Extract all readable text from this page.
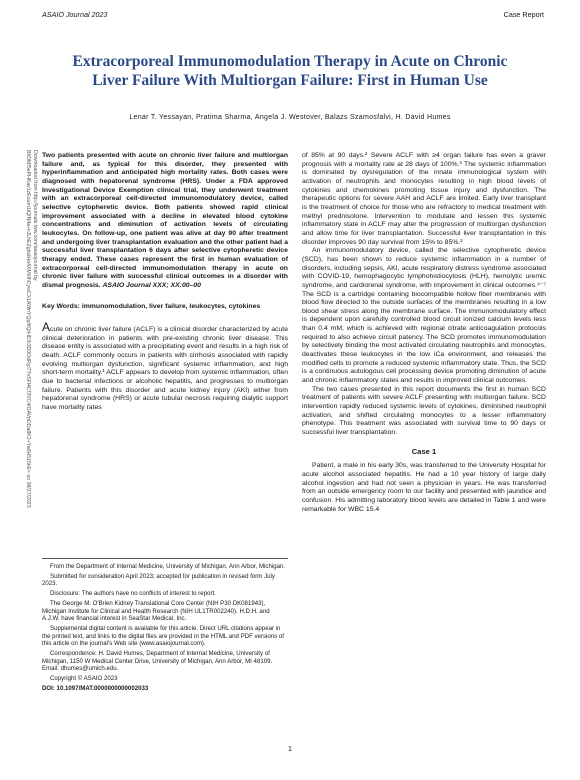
ASAIO Journal 2023	Case Report
Extracorporeal Immunomodulation Therapy in Acute on Chronic Liver Failure With Multiorgan Failure: First in Human Use
Lenar T. Yessayan, Pratima Sharma, Angela J. Westover, Balazs Szamosfalvi, H. David Humes
Downloaded from http://journals.lww.com/asaiojournal by BhDMf5ePHKav1zEoum1tQfN4a+kJLhEZgbsIHo4XMi0hCywCX1AWnYQp/IlQrHD3i3D0OdRyi7TvSFl4Cf3VC4/OAVpDDa8K2+Ya6H515kE= on 08/27/2023	Two patients presented with acute on chronic liver failure and multiorgan failure and, as typical for this disorder, they presented with hyperinflammation and anticipated high mortality rates. Both cases were diagnosed with hepatorenal syndrome (HRS). Under a FDA approved Investigational Device Exemption clinical trial, they underwent treatment with an extracorporeal cell-directed immunomodulatory device, called selective cytopheretic device. Both patients showed rapid clinical improvement associated with a decline in elevated blood cytokine concentrations and diminution of activation levels of circulating leukocytes. On follow-up, one patient was alive at day 90 after treatment and undergoing liver transplantation evaluation and the other patient had a successful liver transplantation 6 days after selective cytopheretic device therapy ended. These cases represent the first in human evaluation of extracorporeal cell-directed immunomodulation therapy in acute on chronic liver failure with successful clinical outcomes in a disorder with dismal prognosis. ASAIO Journal XXX; XX:00–00
Key Words: immunomodulation, liver failure, leukocytes, cytokines

Acute on chronic liver failure (ACLF) is a clinical disorder characterized by acute clinical deterioration in patients with pre-existing chronic liver disease. This disease entity is associated with a precipitating event and results in a high risk of death. ACLF commonly occurs in patients with cirrhosis associated with rapidly evolving multiorgan dysfunction, significant systemic inflammation, and high short-term mortality.¹ ACLF appears to develop from systemic inflammation, often due to bacterial infections or alcoholic hepatitis, and progresses to multiorgan failure. Patients with this disorder and acute kidney injury (AKI) either from hepatorenal syndrome (HRS) or acute tubular necrosis requiring dialytic support have mortality rates

From the Department of Internal Medicine, University of Michigan, Ann Arbor, Michigan.

Submitted for consideration April 2023; accepted for publication in revised form July 2023.

Disclosure: The authors have no conflicts of interest to report.

The George M. O'Brien Kidney Translational Core Center (NIH P30 DK081943), Michigan Institute for Clinical and Health Research (NIH UL1TR002240). H.D.H. and A.J.W. have financial interest in SeaStar Medical, Inc.

Supplemental digital content is available for this article. Direct URL citations appear in the printed text, and links to the digital files are provided in the HTML and PDF versions of this article on the journal's Web site (www.asaiojournal.com).

Correspondence: H. David Humes, Department of Internal Medicine, University of Michigan, 1150 W Medical Center Drive, University of Michigan, Ann Arbor, MI 48109. Email: dhumes@umich.edu.

Copyright © ASAIO 2023

DOI: 10.1097/MAT.0000000000002033

of 85% at 90 days.² Severe ACLF with ≥4 organ failure has even a graver prognosis with a mortality rate at 28 days of 100%.³ The systemic inflammation is dominated by dysregulation of the innate immunological system with activation of neutrophils and monocytes resulting in high blood levels of cytokines and chemokines promoting tissue injury and dysfunction. The therapeutic options for severe AAH and ACLF are limited. Early liver transplant is the treatment of choice for those who are refractory to medical treatment with methyl prednisolone. Intervention to modulate and lessen this systemic inflammatory state in ACLF may alter the progression of multiorgan dysfunction and allow time for liver transplantation. Successful liver transplantation in this disorder improves 90 day survival from 15% to 85%.²

An immunomodulatory device, called the selective cytopheretic device (SCD), has been shown to reduce systemic inflammation in a number of disorders, including sepsis, AKI, acute respiratory distress syndrome associated with COVID-19, hemophagocytic lymphohistiocytosis (HLH), hemolytic uremic syndrome, and cardiorenal syndrome, with improvement in clinical outcomes.⁴⁻⁷ The SCD is a cartridge containing biocompatible hollow fiber membranes with blood flow directed to the outside surfaces of the membranes resulting in a low blood shear stress along the membrane surface. The immunomodulatory effect is dependent upon carefully controlled blood circuit ionized calcium levels less than 0.4 mM, which is achieved with regional citrate anticoagulation protocols required to also achieve circuit patency. The SCD promotes immunomodulation by selectively binding the most activated circulating neutrophils and monocytes, deactivates these leukocytes in the low iCa environment, and releases the modified cells to promote a reduced systemic inflammatory state. Thus, the SCD is a continuous autologous cell processing device promoting diminution of acute and chronic inflammatory states and results in improved clinical outcomes.

The two cases presented in this report documents the first in human SCD treatment of patients with severe ACLF presenting with multiorgan failure. SCD intervention rapidly reduced systemic levels of cytokines, diminished neutrophil activation, and shifted circulating monocytes to a lesser inflammatory phenotype. This treatment was associated with survival time to 90 days or successful liver transplantation.

Case 1

Patient, a male in his early 30s, was transferred to the University Hospital for acute alcohol associated hepatitis. He had a 10 year history of large daily alcohol ingestion and had not seen a physician in years. He was transferred from an outside emergency room to our facility and presented with jaundice and confusion. His admitting laboratory blood levels are detailed in Table 1 and were remarkable for WBC 15.4

1
